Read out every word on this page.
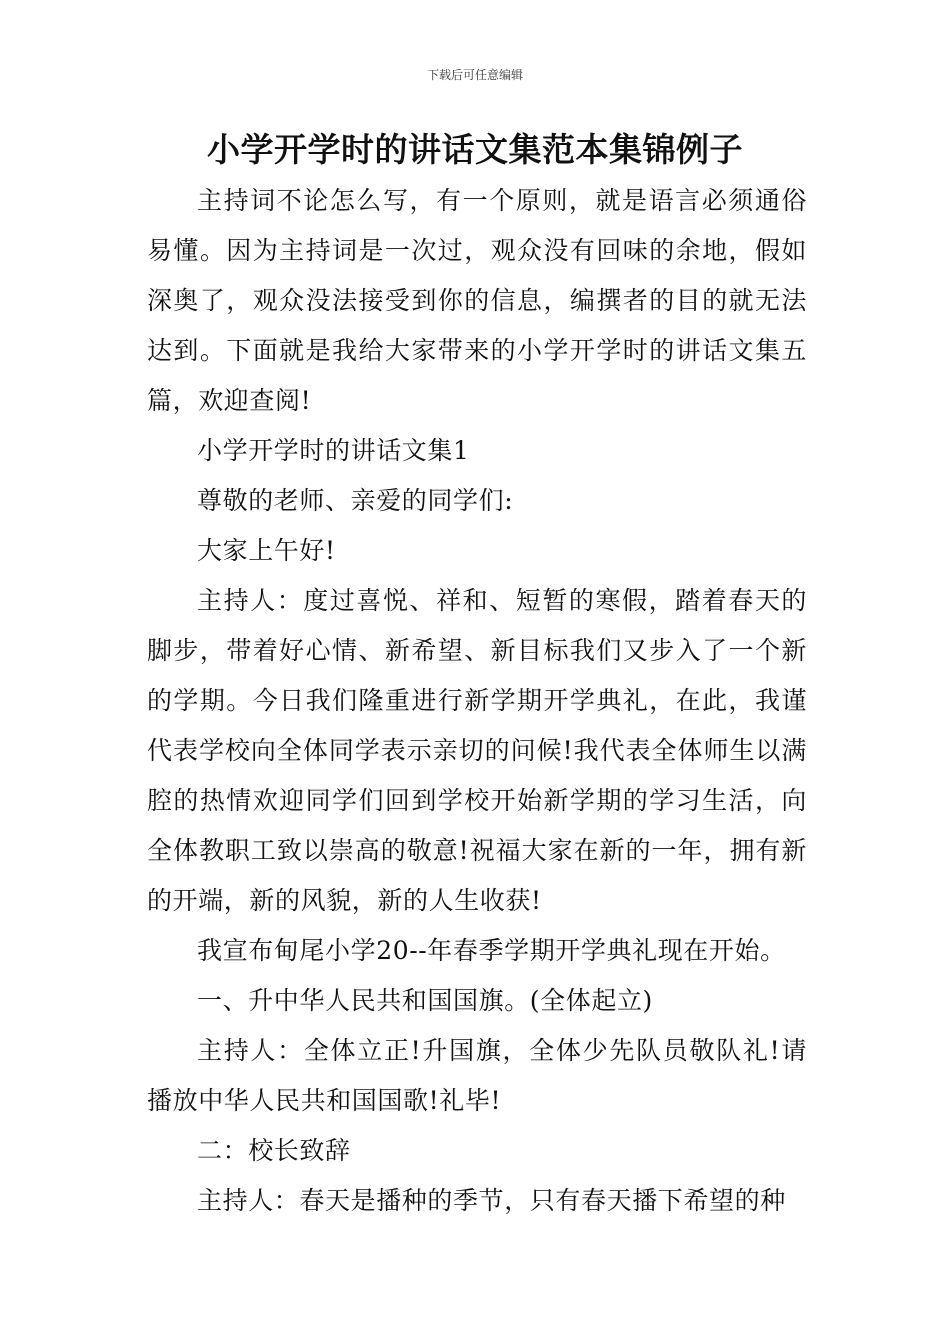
下载后可任意编辑
小学开学时的讲话文集范本集锦例子

主持词不论怎么写，有一个原则，就是语言必须通俗易懂。因为主持词是一次过，观众没有回味的余地，假如深奥了，观众没法接受到你的信息，编撰者的目的就无法达到。下面就是我给大家带来的小学开学时的讲话文集五篇，欢迎查阅!

小学开学时的讲话文集1

尊敬的老师、亲爱的同学们:

大家上午好!

主持人：度过喜悦、祥和、短暂的寒假，踏着春天的脚步，带着好心情、新希望、新目标我们又步入了一个新的学期。今日我们隆重进行新学期开学典礼，在此，我谨代表学校向全体同学表示亲切的问候!我代表全体师生以满腔的热情欢迎同学们回到学校开始新学期的学习生活，向全体教职工致以崇高的敬意!祝福大家在新的一年，拥有新的开端，新的风貌，新的人生收获!

我宣布甸尾小学20--年春季学期开学典礼现在开始。

一、升中华人民共和国国旗。(全体起立)

主持人：全体立正!升国旗，全体少先队员敬队礼!请播放中华人民共和国国歌!礼毕!

二：校长致辞

主持人：春天是播种的季节，只有春天播下希望的种
